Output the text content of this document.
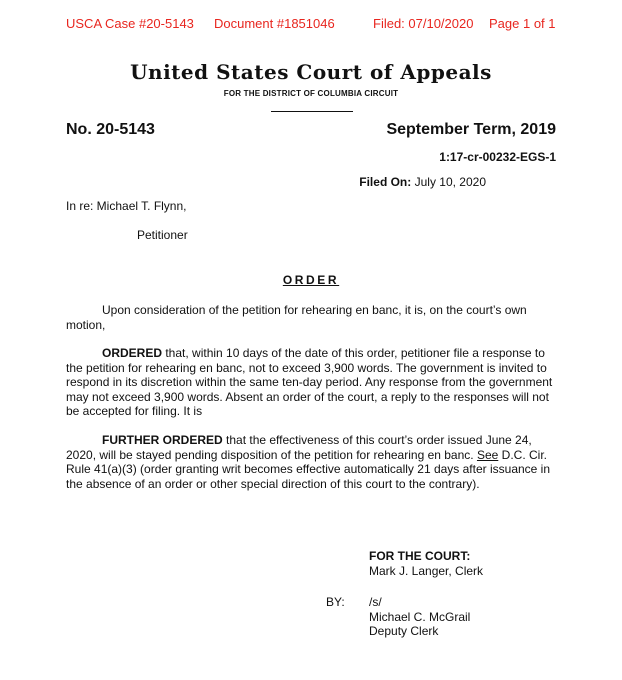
USCA Case #20-5143 Document #1851046	Filed: 07/10/2020 Page 1 of 1
United States Court of Appeals
FOR THE DISTRICT OF COLUMBIA CIRCUIT
No. 20-5143	September Term, 2019
1:17-cr-00232-EGS-1
Filed On: July 10, 2020
In re: Michael T. Flynn,
Petitioner
ORDER
Upon consideration of the petition for rehearing en banc, it is, on the court’s own motion,
ORDERED that, within 10 days of the date of this order, petitioner file a response to the petition for rehearing en banc, not to exceed 3,900 words. The government is invited to respond in its discretion within the same ten-day period. Any response from the government may not exceed 3,900 words. Absent an order of the court, a reply to the responses will not be accepted for filing. It is
FURTHER ORDERED that the effectiveness of this court’s order issued June 24, 2020, will be stayed pending disposition of the petition for rehearing en banc. See D.C. Cir. Rule 41(a)(3) (order granting writ becomes effective automatically 21 days after issuance in the absence of an order or other special direction of this court to the contrary).
FOR THE COURT:
Mark J. Langer, Clerk
BY: /s/
Michael C. McGrail
Deputy Clerk
